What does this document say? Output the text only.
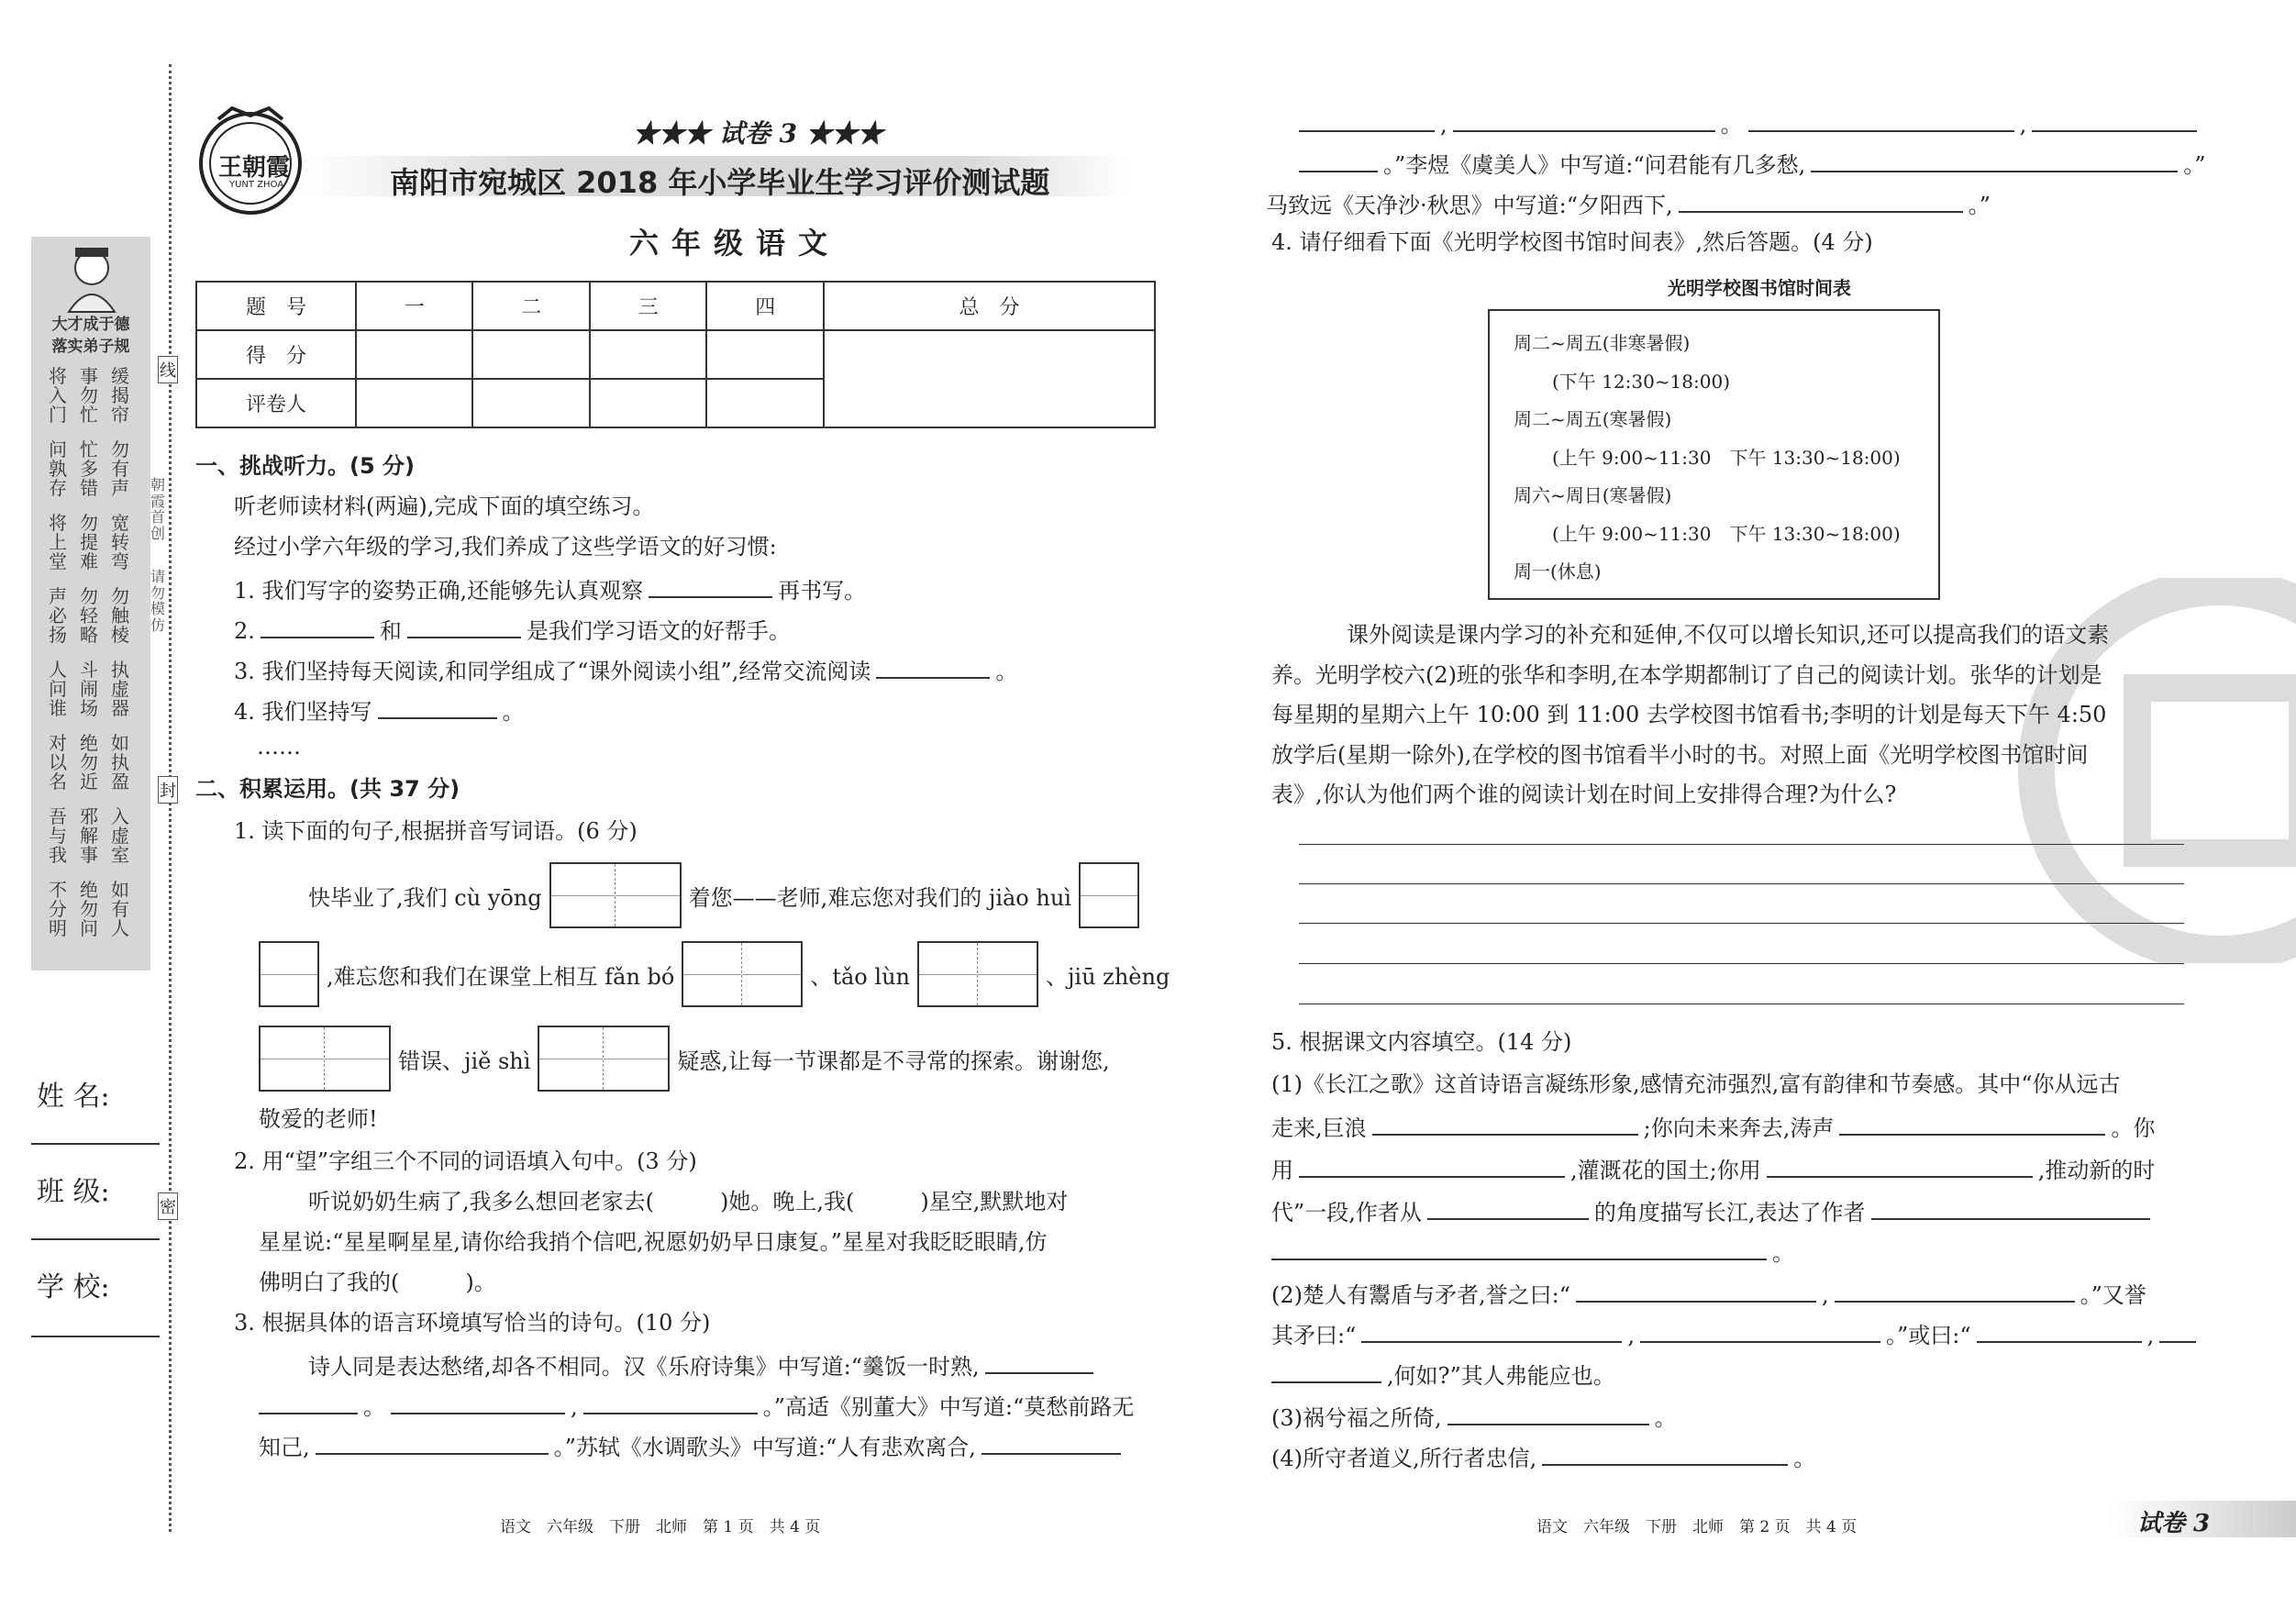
大才成于德
落实弟子规
将入门
问孰存
将上堂
声必扬
人问谁
对以名
吾与我
不分明
事勿忙
忙多错
勿提难
勿轻略
斗闹场
绝勿近
邪解事
绝勿问
缓揭帘
勿有声
宽转弯
勿触棱
执虚器
如执盈
入虚室
如有人
姓 名:
班 级:
学 校:
线
封
密
朝霞首创
请勿模仿
王朝霞
YUNT ZHOA
★★★ 试卷 3 ★★★
南阳市宛城区 2018 年小学毕业生学习评价测试题
六年级语文
题　号	一	二	三	四	总　分
得　分					
评卷人					
一、挑战听力。(5 分)
听老师读材料(两遍),完成下面的填空练习。
经过小学六年级的学习,我们养成了这些学语文的好习惯:
1. 我们写字的姿势正确,还能够先认真观察	再书写。
2.	和	是我们学习语文的好帮手。
3. 我们坚持每天阅读,和同学组成了“课外阅读小组”,经常交流阅读	。
4. 我们坚持写	。
……
二、积累运用。(共 37 分)
1. 读下面的句子,根据拼音写词语。(6 分)
快毕业了,我们 cù yōng	着您——老师,难忘您对我们的 jiào huì
,难忘您和我们在课堂上相互 fǎn bó	、tǎo lùn	、jiū zhèng
错误、jiě shì	疑惑,让每一节课都是不寻常的探索。谢谢您,
敬爱的老师!
2. 用“望”字组三个不同的词语填入句中。(3 分)
听说奶奶生病了,我多么想回老家去(　　　)她。晚上,我(　　　)星空,默默地对
星星说:“星星啊星星,请你给我捎个信吧,祝愿奶奶早日康复。”星星对我眨眨眼睛,仿
佛明白了我的(　　　)。
3. 根据具体的语言环境填写恰当的诗句。(10 分)
诗人同是表达愁绪,却各不相同。汉《乐府诗集》中写道:“羹饭一时熟,
。	,	。”高适《别董大》中写道:“莫愁前路无
知己,	。”苏轼《水调歌头》中写道:“人有悲欢离合,
语文　六年级　下册　北师　第 1 页　共 4 页
,	。	,
。”李煜《虞美人》中写道:“问君能有几多愁,	。”
马致远《天净沙·秋思》中写道:“夕阳西下,	。”
4. 请仔细看下面《光明学校图书馆时间表》,然后答题。(4 分)
光明学校图书馆时间表
周二~周五(非寒暑假)
(下午 12:30~18:00)
周二~周五(寒暑假)
(上午 9:00~11:30　下午 13:30~18:00)
周六~周日(寒暑假)
(上午 9:00~11:30　下午 13:30~18:00)
周一(休息)
课外阅读是课内学习的补充和延伸,不仅可以增长知识,还可以提高我们的语文素
养。光明学校六(2)班的张华和李明,在本学期都制订了自己的阅读计划。张华的计划是
每星期的星期六上午 10:00 到 11:00 去学校图书馆看书;李明的计划是每天下午 4:50
放学后(星期一除外),在学校的图书馆看半小时的书。对照上面《光明学校图书馆时间
表》,你认为他们两个谁的阅读计划在时间上安排得合理?为什么?
5. 根据课文内容填空。(14 分)
(1)《长江之歌》这首诗语言凝练形象,感情充沛强烈,富有韵律和节奏感。其中“你从远古
走来,巨浪	;你向未来奔去,涛声	。你
用	,灌溉花的国土;你用	,推动新的时
代”一段,作者从	的角度描写长江,表达了作者
。
(2)楚人有鬻盾与矛者,誉之曰:“	,	。”又誉
其矛曰:“	,	。”或曰:“	,
,何如?”其人弗能应也。
(3)祸兮福之所倚,	。
(4)所守者道义,所行者忠信,	。
语文　六年级　下册　北师　第 2 页　共 4 页	试卷 3
